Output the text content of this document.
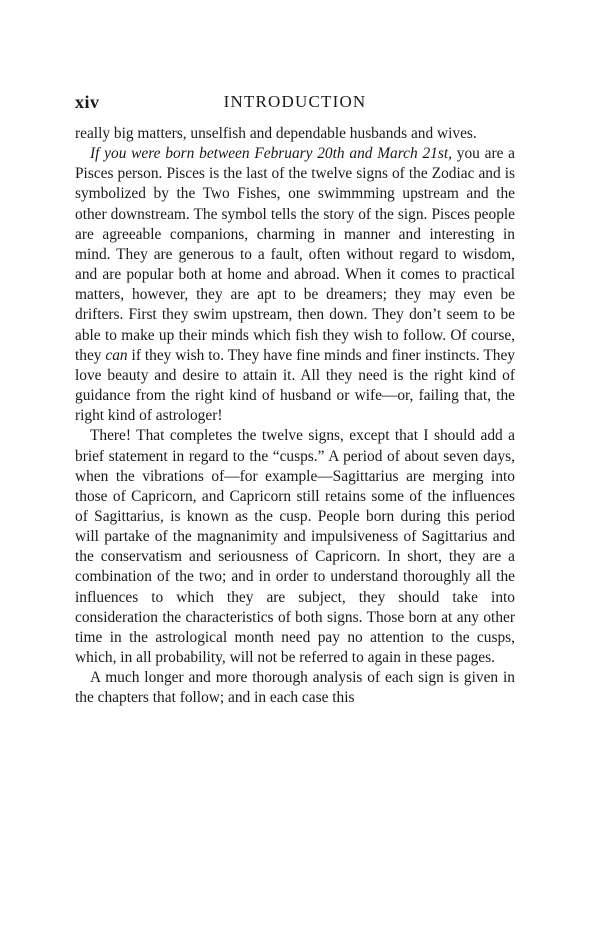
xiv	INTRODUCTION

really big matters, unselfish and dependable husbands and wives.

If you were born between February 20th and March 21st, you are a Pisces person. Pisces is the last of the twelve signs of the Zodiac and is symbolized by the Two Fishes, one swimmming upstream and the other downstream. The symbol tells the story of the sign. Pisces people are agreeable companions, charming in manner and interesting in mind. They are generous to a fault, often without regard to wisdom, and are popular both at home and abroad. When it comes to practical matters, however, they are apt to be dreamers; they may even be drifters. First they swim upstream, then down. They don’t seem to be able to make up their minds which fish they wish to follow. Of course, they can if they wish to. They have fine minds and finer instincts. They love beauty and desire to attain it. All they need is the right kind of guidance from the right kind of husband or wife—or, failing that, the right kind of astrologer!

There! That completes the twelve signs, except that I should add a brief statement in regard to the “cusps.” A period of about seven days, when the vibrations of—for example—Sagittarius are merging into those of Capricorn, and Capricorn still retains some of the influences of Sagittarius, is known as the cusp. People born during this period will partake of the magnanimity and impulsiveness of Sagittarius and the conservatism and seriousness of Capricorn. In short, they are a combination of the two; and in order to understand thoroughly all the influences to which they are subject, they should take into consideration the characteristics of both signs. Those born at any other time in the astrological month need pay no attention to the cusps, which, in all probability, will not be referred to again in these pages.

A much longer and more thorough analysis of each sign is given in the chapters that follow; and in each case this
